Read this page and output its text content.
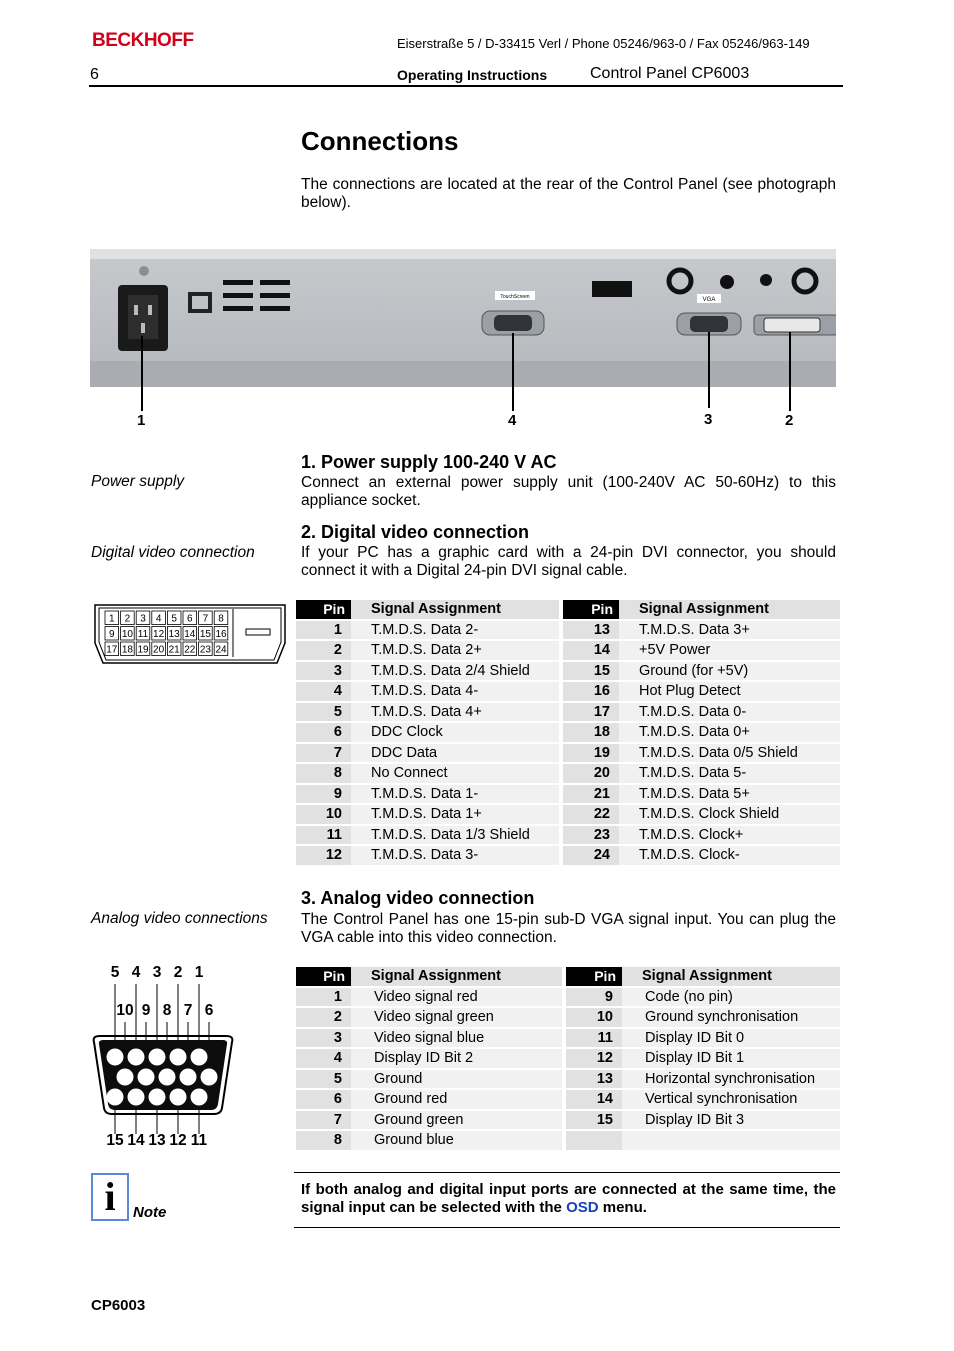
BECKHOFF	Eiserstraße 5 / D-33415 Verl / Phone 05246/963-0 / Fax 05246/963-149
6	Operating Instructions	Control Panel CP6003
Connections
The connections are located at the rear of the Control Panel (see photograph below).
TouchScreen	VGA
1	4	3	2
Power supply
1. Power supply 100-240 V AC
Connect an external power supply unit (100-240V AC 50-60Hz) to this appliance socket.
Digital video connection
2. Digital video connection
If your PC has a graphic card with a 24-pin DVI connector, you should connect it with a Digital 24-pin DVI signal cable.
1 2 3 4 5 6 7 8
9 10 11 12 13 14 15 16
17 18 19 20 21 22 23 24
Pin	Signal Assignment		Pin	Signal Assignment
1	T.M.D.S. Data 2-		13	T.M.D.S. Data 3+
2	T.M.D.S. Data 2+		14	+5V Power
3	T.M.D.S. Data 2/4 Shield		15	Ground (for +5V)
4	T.M.D.S. Data 4-		16	Hot Plug Detect
5	T.M.D.S. Data 4+		17	T.M.D.S. Data 0-
6	DDC Clock		18	T.M.D.S. Data 0+
7	DDC Data		19	T.M.D.S. Data 0/5 Shield
8	No Connect		20	T.M.D.S. Data 5-
9	T.M.D.S. Data 1-		21	T.M.D.S. Data 5+
10	T.M.D.S. Data 1+		22	T.M.D.S. Clock Shield
11	T.M.D.S. Data 1/3 Shield		23	T.M.D.S. Clock+
12	T.M.D.S. Data 3-		24	T.M.D.S. Clock-
Analog video connections
3. Analog video connection
The Control Panel has one 15-pin sub-D VGA signal input. You can plug the VGA cable into this video connection.
5 4 3 2 1
10 9 8 7 6
15 14 13 12 11
Pin	Signal Assignment		Pin	Signal Assignment
1	Video signal red		9	Code (no pin)
2	Video signal green		10	Ground synchronisation
3	Video signal blue		11	Display ID Bit 0
4	Display ID Bit 2		12	Display ID Bit 1
5	Ground		13	Horizontal synchronisation
6	Ground red		14	Vertical synchronisation
7	Ground green		15	Display ID Bit 3
8	Ground blue			
i	Note
If both analog and digital input ports are connected at the same time, the signal input can be selected with the OSD menu.
CP6003
